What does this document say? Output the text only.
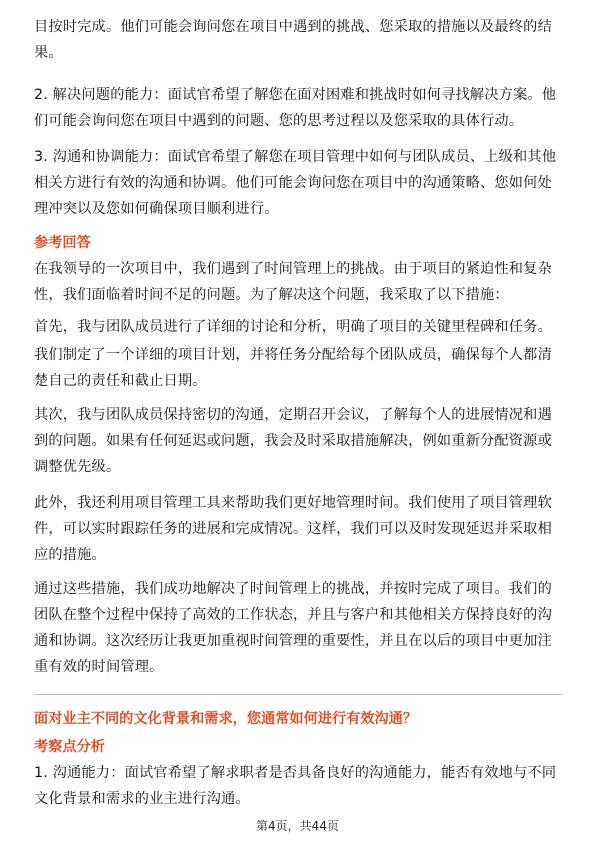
目按时完成。他们可能会询问您在项目中遇到的挑战、您采取的措施以及最终的结果。

2. 解决问题的能力：面试官希望了解您在面对困难和挑战时如何寻找解决方案。他们可能会询问您在项目中遇到的问题、您的思考过程以及您采取的具体行动。

3. 沟通和协调能力：面试官希望了解您在项目管理中如何与团队成员、上级和其他相关方进行有效的沟通和协调。他们可能会询问您在项目中的沟通策略、您如何处理冲突以及您如何确保项目顺利进行。

参考回答

在我领导的一次项目中，我们遇到了时间管理上的挑战。由于项目的紧迫性和复杂性，我们面临着时间不足的问题。为了解决这个问题，我采取了以下措施：

首先，我与团队成员进行了详细的讨论和分析，明确了项目的关键里程碑和任务。

我们制定了一个详细的项目计划，并将任务分配给每个团队成员，确保每个人都清楚自己的责任和截止日期。

其次，我与团队成员保持密切的沟通，定期召开会议，了解每个人的进展情况和遇到的问题。如果有任何延迟或问题，我会及时采取措施解决，例如重新分配资源或调整优先级。

此外，我还利用项目管理工具来帮助我们更好地管理时间。我们使用了项目管理软件，可以实时跟踪任务的进展和完成情况。这样，我们可以及时发现延迟并采取相应的措施。

通过这些措施，我们成功地解决了时间管理上的挑战，并按时完成了项目。我们的团队在整个过程中保持了高效的工作状态，并且与客户和其他相关方保持良好的沟通和协调。这次经历让我更加重视时间管理的重要性，并且在以后的项目中更加注重有效的时间管理。

面对业主不同的文化背景和需求，您通常如何进行有效沟通？
考察点分析

1. 沟通能力：面试官希望了解求职者是否具备良好的沟通能力，能否有效地与不同文化背景和需求的业主进行沟通。

第4页，共44页
